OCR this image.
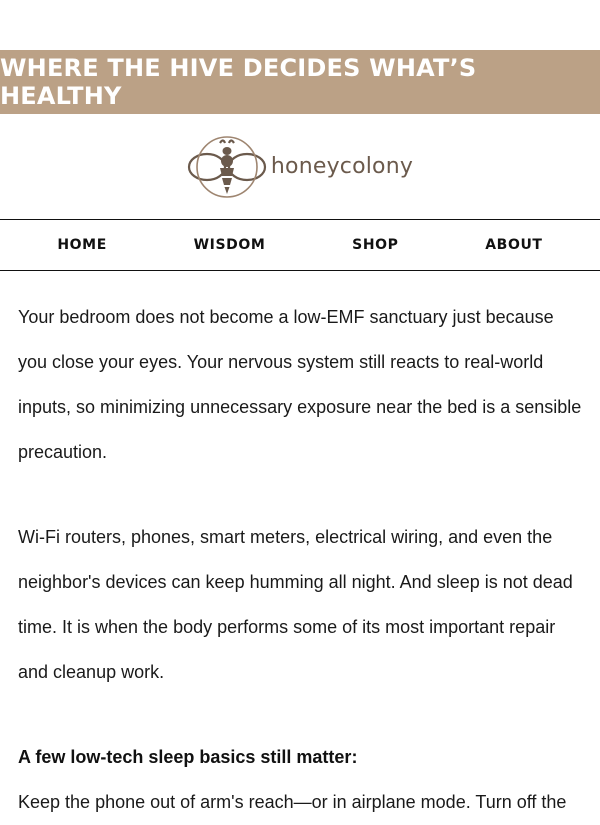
WHERE THE HIVE DECIDES WHAT’S HEALTHY
honeycolony
HOME	WISDOM	SHOP	ABOUT

Your bedroom does not become a low-EMF sanctuary just because you close your eyes. Your nervous system still reacts to real-world inputs, so minimizing unnecessary exposure near the bed is a sensible precaution.

Wi-Fi routers, phones, smart meters, electrical wiring, and even the neighbor's devices can keep humming all night. And sleep is not dead time. It is when the body performs some of its most important repair and cleanup work.

A few low-tech sleep basics still matter:

Keep the phone out of arm's reach—or in airplane mode. Turn off the
